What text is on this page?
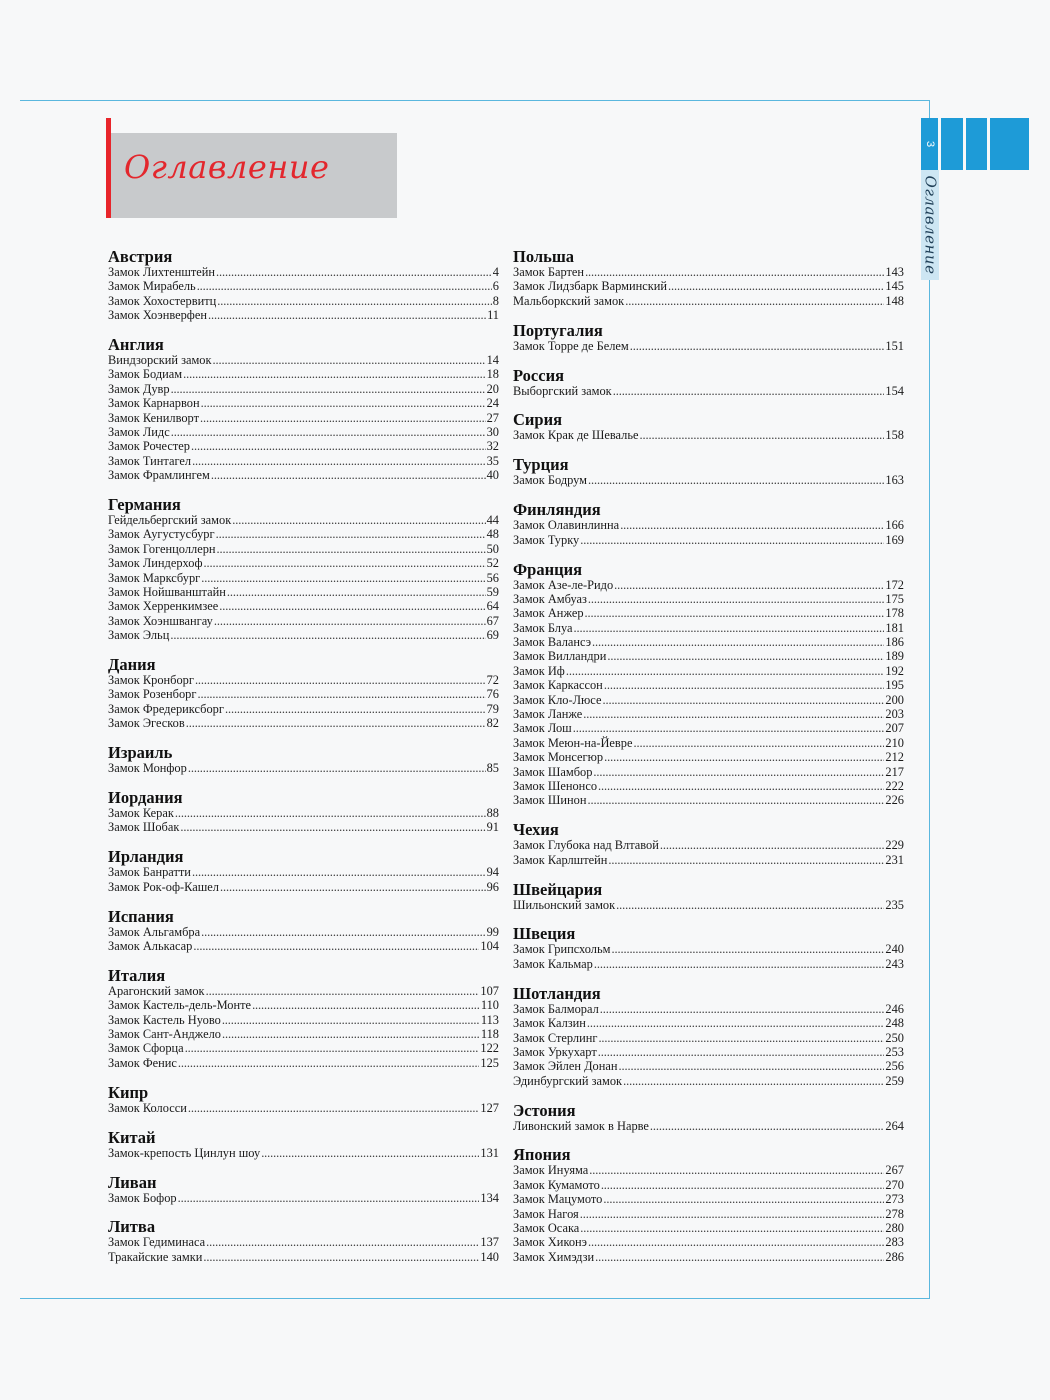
3
Оглавление
Оглавление
Австрия
Замок Лихтенштейн . . .	4
Замок Мирабель . . .	6
Замок Хохостервитц . . .	8
Замок Хоэнверфен . . .	11
Англия
Виндзорский замок . . .	14
Замок Бодиам . . .	18
Замок Дувр . . .	20
Замок Карнарвон . . .	24
Замок Кенилворт . . .	27
Замок Лидс . . .	30
Замок Рочестер . . .	32
Замок Тинтагел . . .	35
Замок Фрамлингем . . .	40
Германия
Гейдельбергский замок . . .	44
Замок Аугустусбург . . .	48
Замок Гогенцоллерн . . .	50
Замок Линдерхоф . . .	52
Замок Марксбург . . .	56
Замок Нойшванштайн . . .	59
Замок Херренкимзее . . .	64
Замок Хоэншвангау . . .	67
Замок Эльц . . .	69
Дания
Замок Кронборг . . .	72
Замок Розенборг . . .	76
Замок Фредериксборг . . .	79
Замок Эгесков . . .	82
Израиль
Замок Монфор . . .	85
Иордания
Замок Керак . . .	88
Замок Шобак . . .	91
Ирландия
Замок Банратти . . .	94
Замок Рок-оф-Кашел . . .	96
Испания
Замок Альгамбра . . .	99
Замок Алькасар . . .	104
Италия
Арагонский замок . . .	107
Замок Кастель-дель-Монте . . .	110
Замок Кастель Нуово . . .	113
Замок Сант-Анджело . . .	118
Замок Сфорца . . .	122
Замок Фенис . . .	125
Кипр
Замок Колосси . . .	127
Китай
Замок-крепость Цинлун шоу . . .	131
Ливан
Замок Бофор . . .	134
Литва
Замок Гедиминаса . . .	137
Тракайские замки . . .	140
Польша
Замок Бартен . . .	143
Замок Лидзбарк Варминский . . .	145
Мальборкский замок . . .	148
Португалия
Замок Торре де Белем . . .	151
Россия
Выборгский замок . . .	154
Сирия
Замок Крак де Шевалье . . .	158
Турция
Замок Бодрум . . .	163
Финляндия
Замок Олавинлинна . . .	166
Замок Турку . . .	169
Франция
Замок Азе-ле-Ридо . . .	172
Замок Амбуаз . . .	175
Замок Анжер . . .	178
Замок Блуа . . .	181
Замок Валансэ . . .	186
Замок Вилландри . . .	189
Замок Иф . . .	192
Замок Каркассон . . .	195
Замок Кло-Люсе . . .	200
Замок Ланже . . .	203
Замок Лош . . .	207
Замок Меюн-на-Йевре . . .	210
Замок Монсегюр . . .	212
Замок Шамбор . . .	217
Замок Шенонсо . . .	222
Замок Шинон . . .	226
Чехия
Замок Глубока над Влтавой . . .	229
Замок Карлштейн . . .	231
Швейцария
Шильонский замок . . .	235
Швеция
Замок Грипсхольм . . .	240
Замок Кальмар . . .	243
Шотландия
Замок Балморал . . .	246
Замок Калзин . . .	248
Замок Стерлинг . . .	250
Замок Уркухарт . . .	253
Замок Эйлен Донан . . .	256
Эдинбургский замок . . .	259
Эстония
Ливонский замок в Нарве . . .	264
Япония
Замок Инуяма . . .	267
Замок Кумамото . . .	270
Замок Мацумото . . .	273
Замок Нагоя . . .	278
Замок Осака . . .	280
Замок Хиконэ . . .	283
Замок Химэдзи . . .	286
